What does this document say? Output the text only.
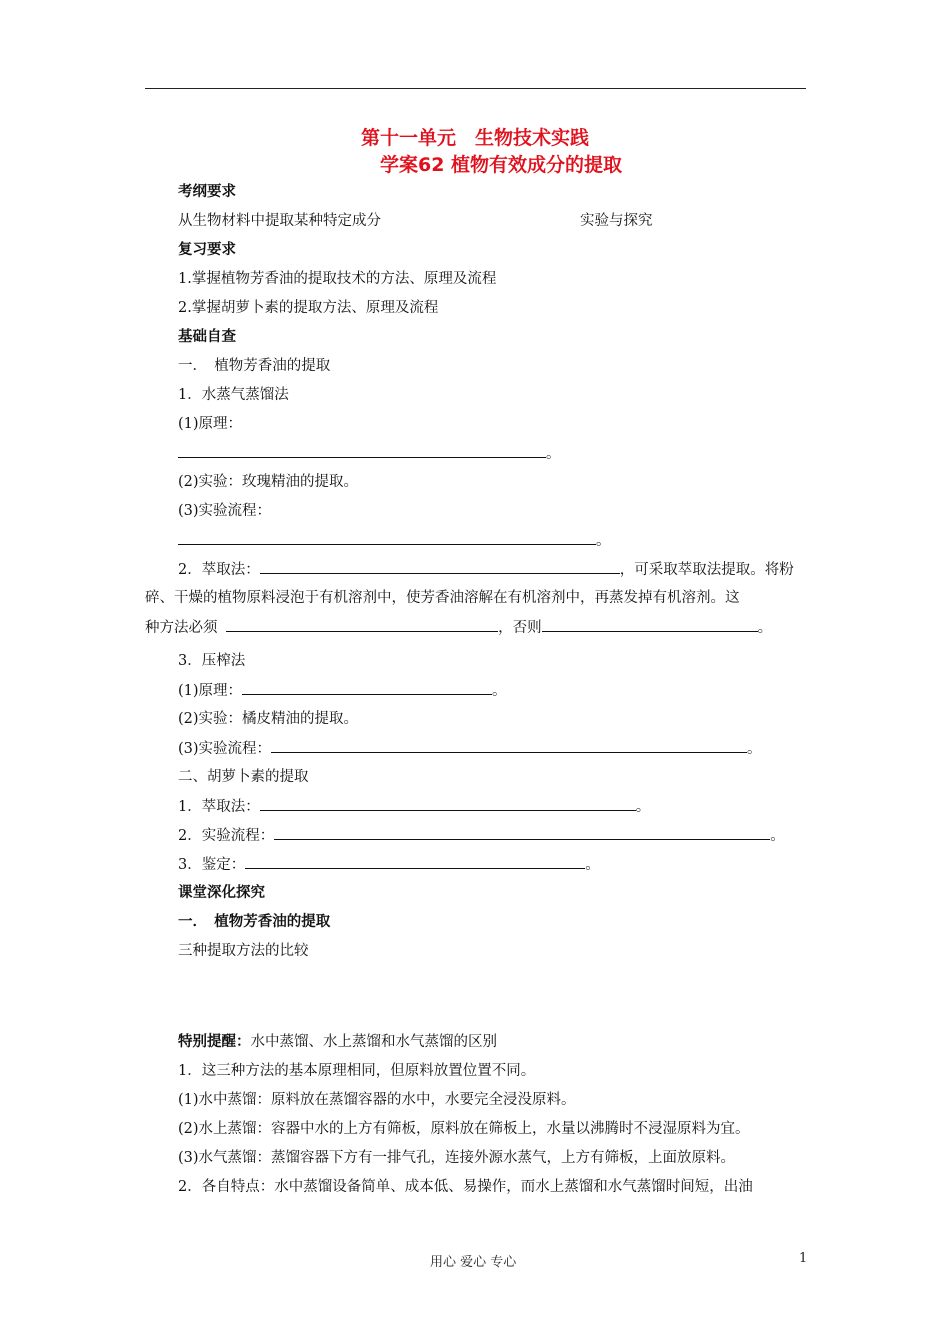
第十一单元　生物技术实践
学案62 植物有效成分的提取
考纲要求
从生物材料中提取某种特定成分	实验与探究
复习要求
1.掌握植物芳香油的提取技术的方法、原理及流程
2.掌握胡萝卜素的提取方法、原理及流程
基础自查
一．　植物芳香油的提取
1．水蒸气蒸馏法
(1)原理：
。
(2)实验：玫瑰精油的提取。
(3)实验流程：
。
2．萃取法：	，可采取萃取法提取。将粉
碎、干燥的植物原料浸泡于有机溶剂中，使芳香油溶解在有机溶剂中，再蒸发掉有机溶剂。这
种方法必须	，否则	。
3．压榨法
(1)原理：	。
(2)实验：橘皮精油的提取。
(3)实验流程：	。
二、胡萝卜素的提取
1．萃取法：	。
2．实验流程：	。
3．鉴定：	。
课堂深化探究
一．　植物芳香油的提取
三种提取方法的比较
特别提醒：水中蒸馏、水上蒸馏和水气蒸馏的区别
1．这三种方法的基本原理相同，但原料放置位置不同。
(1)水中蒸馏：原料放在蒸馏容器的水中，水要完全浸没原料。
(2)水上蒸馏：容器中水的上方有筛板，原料放在筛板上，水量以沸腾时不浸湿原料为宜。
(3)水气蒸馏：蒸馏容器下方有一排气孔，连接外源水蒸气，上方有筛板，上面放原料。
2．各自特点：水中蒸馏设备简单、成本低、易操作，而水上蒸馏和水气蒸馏时间短，出油
用心 爱心 专心	1
